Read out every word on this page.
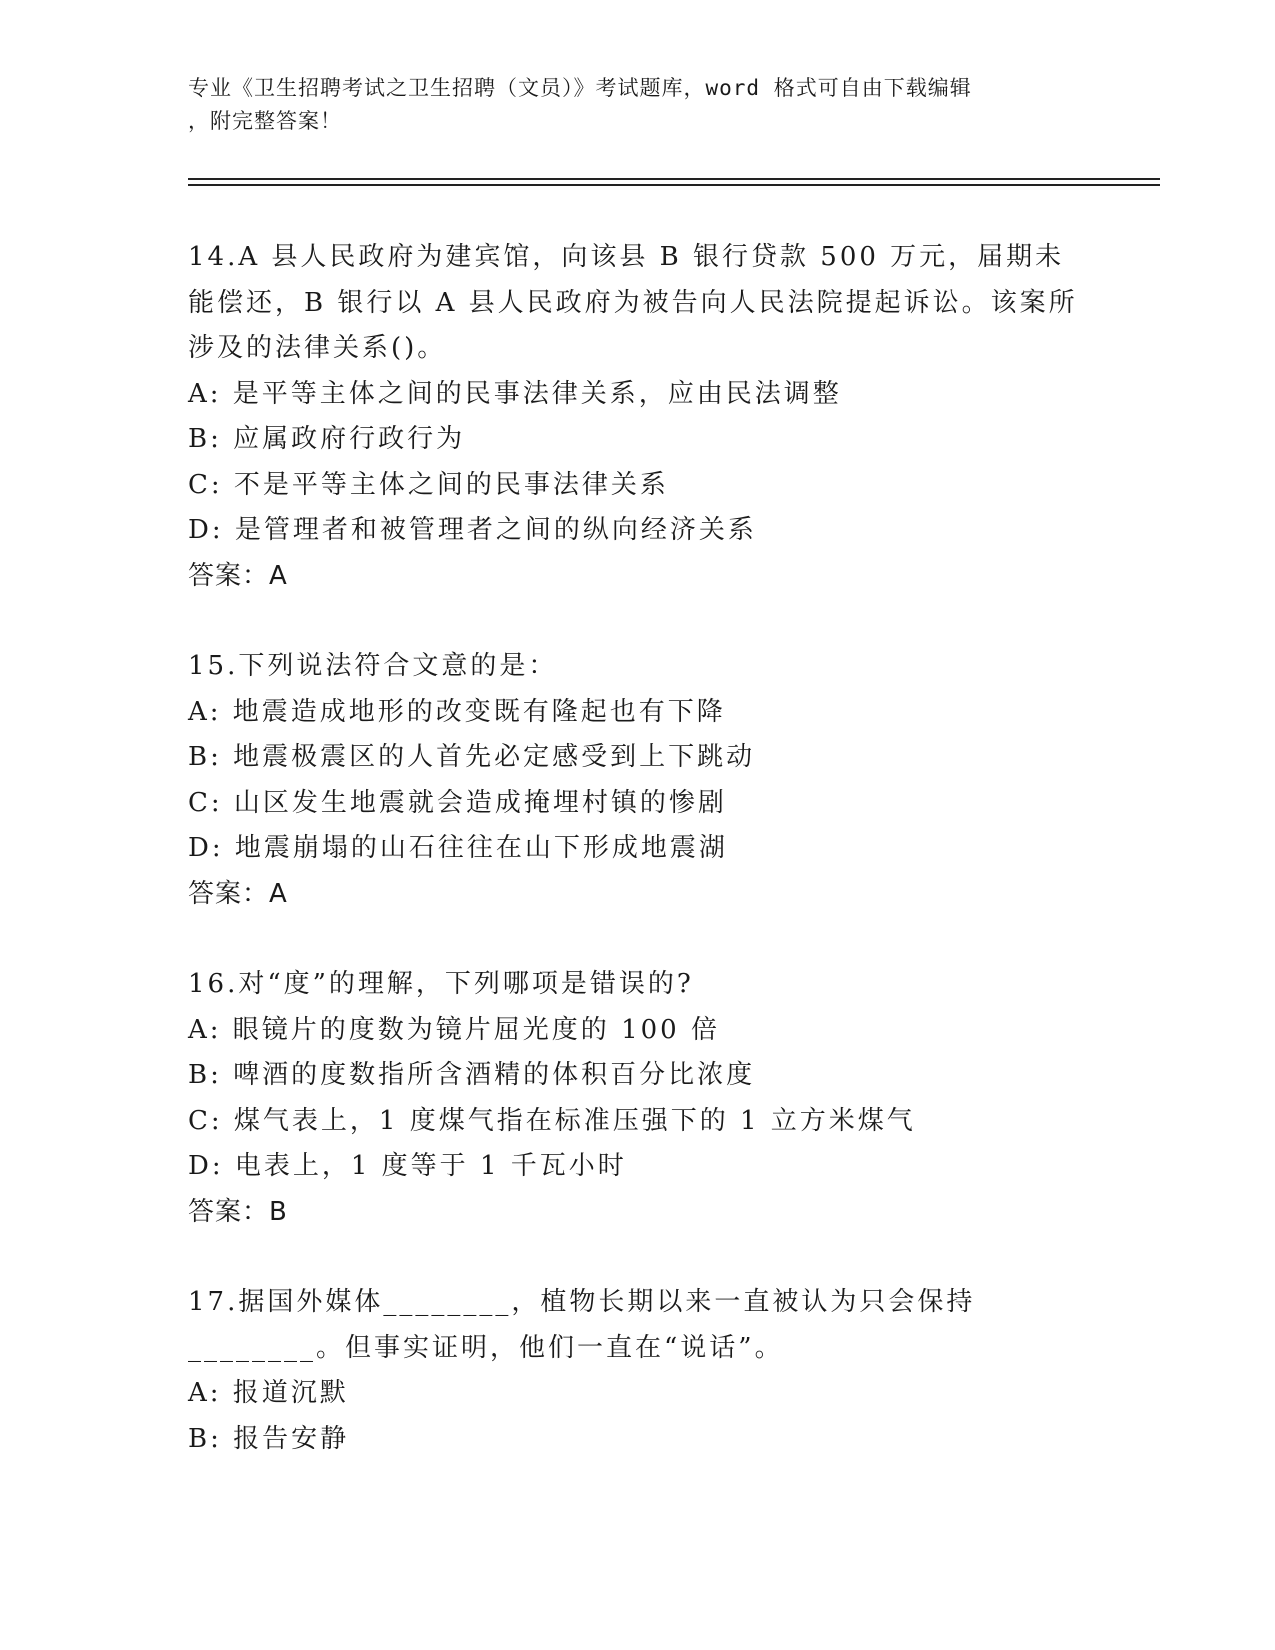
专业《卫生招聘考试之卫生招聘（文员）》考试题库，word 格式可自由下载编辑
，附完整答案！

14.A 县人民政府为建宾馆，向该县 B 银行贷款 500 万元，届期未能偿还，B 银行以 A 县人民政府为被告向人民法院提起诉讼。该案所涉及的法律关系()。

A: 是平等主体之间的民事法律关系，应由民法调整

B: 应属政府行政行为

C: 不是平等主体之间的民事法律关系

D: 是管理者和被管理者之间的纵向经济关系

答案：A

15.下列说法符合文意的是：

A: 地震造成地形的改变既有隆起也有下降

B: 地震极震区的人首先必定感受到上下跳动

C: 山区发生地震就会造成掩埋村镇的惨剧

D: 地震崩塌的山石往往在山下形成地震湖

答案：A

16.对“度”的理解，下列哪项是错误的?

A: 眼镜片的度数为镜片屈光度的 100 倍

B: 啤酒的度数指所含酒精的体积百分比浓度

C: 煤气表上，1 度煤气指在标准压强下的 1 立方米煤气

D: 电表上，1 度等于 1 千瓦小时

答案：B

17.据国外媒体________，植物长期以来一直被认为只会保持________。但事实证明，他们一直在“说话”。

A: 报道沉默

B: 报告安静
